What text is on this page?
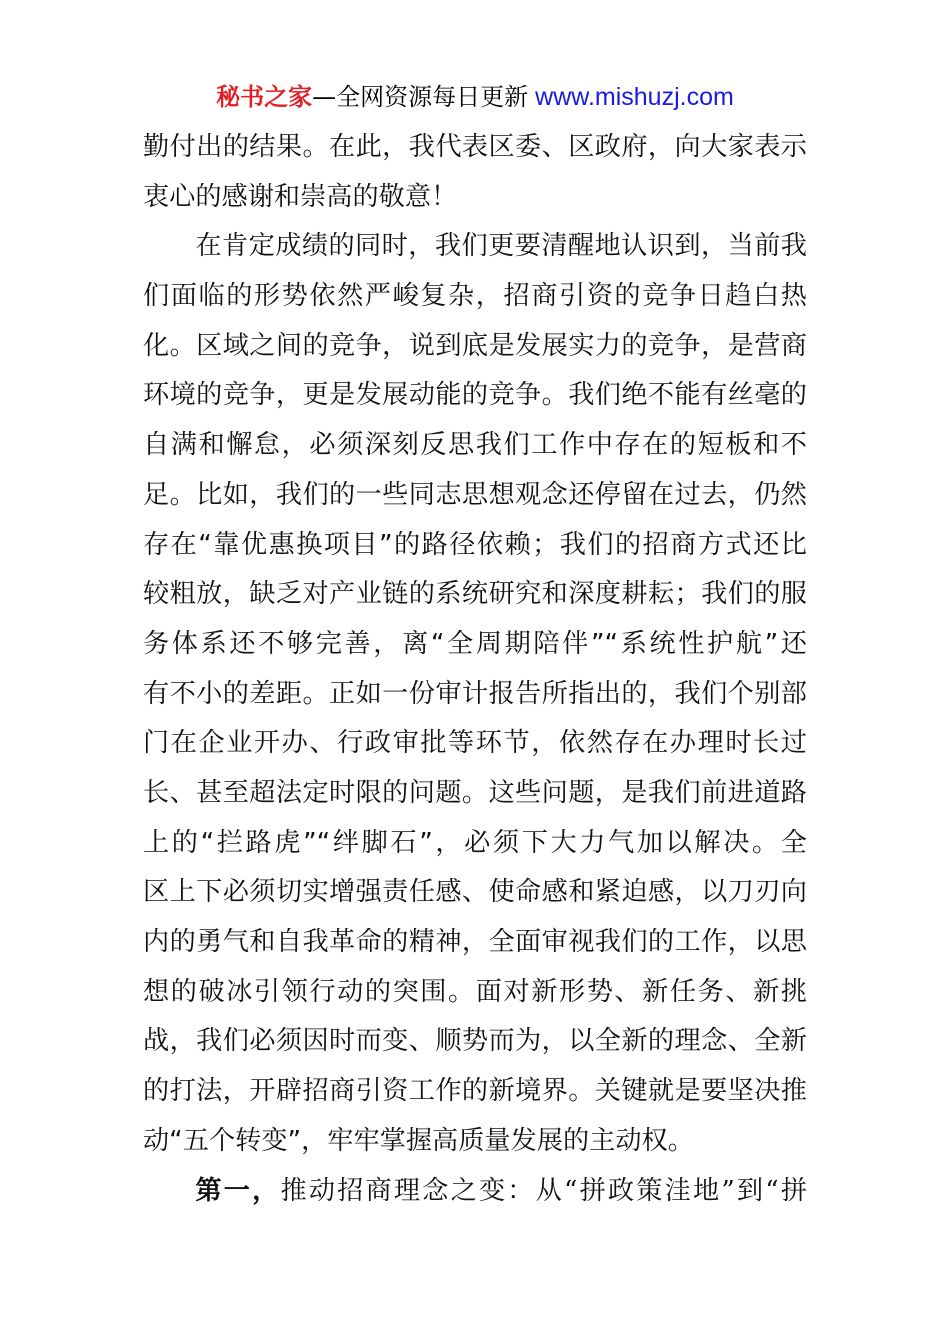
秘书之家—全网资源每日更新 www.mishuzj.com
勤付出的结果。在此，我代表区委、区政府，向大家表示
衷心的感谢和崇高的敬意！
在肯定成绩的同时，我们更要清醒地认识到，当前我
们面临的形势依然严峻复杂，招商引资的竞争日趋白热
化。区域之间的竞争，说到底是发展实力的竞争，是营商
环境的竞争，更是发展动能的竞争。我们绝不能有丝毫的
自满和懈怠，必须深刻反思我们工作中存在的短板和不
足。比如，我们的一些同志思想观念还停留在过去，仍然
存在“靠优惠换项目”的路径依赖；我们的招商方式还比
较粗放，缺乏对产业链的系统研究和深度耕耘；我们的服
务体系还不够完善，离“全周期陪伴”“系统性护航”还
有不小的差距。正如一份审计报告所指出的，我们个别部
门在企业开办、行政审批等环节，依然存在办理时长过
长、甚至超法定时限的问题。这些问题，是我们前进道路
上的“拦路虎”“绊脚石”，必须下大力气加以解决。全
区上下必须切实增强责任感、使命感和紧迫感，以刀刃向
内的勇气和自我革命的精神，全面审视我们的工作，以思
想的破冰引领行动的突围。面对新形势、新任务、新挑
战，我们必须因时而变、顺势而为，以全新的理念、全新
的打法，开辟招商引资工作的新境界。关键就是要坚决推
动“五个转变”，牢牢掌握高质量发展的主动权。
第一，推动招商理念之变：从“拼政策洼地”到“拼
